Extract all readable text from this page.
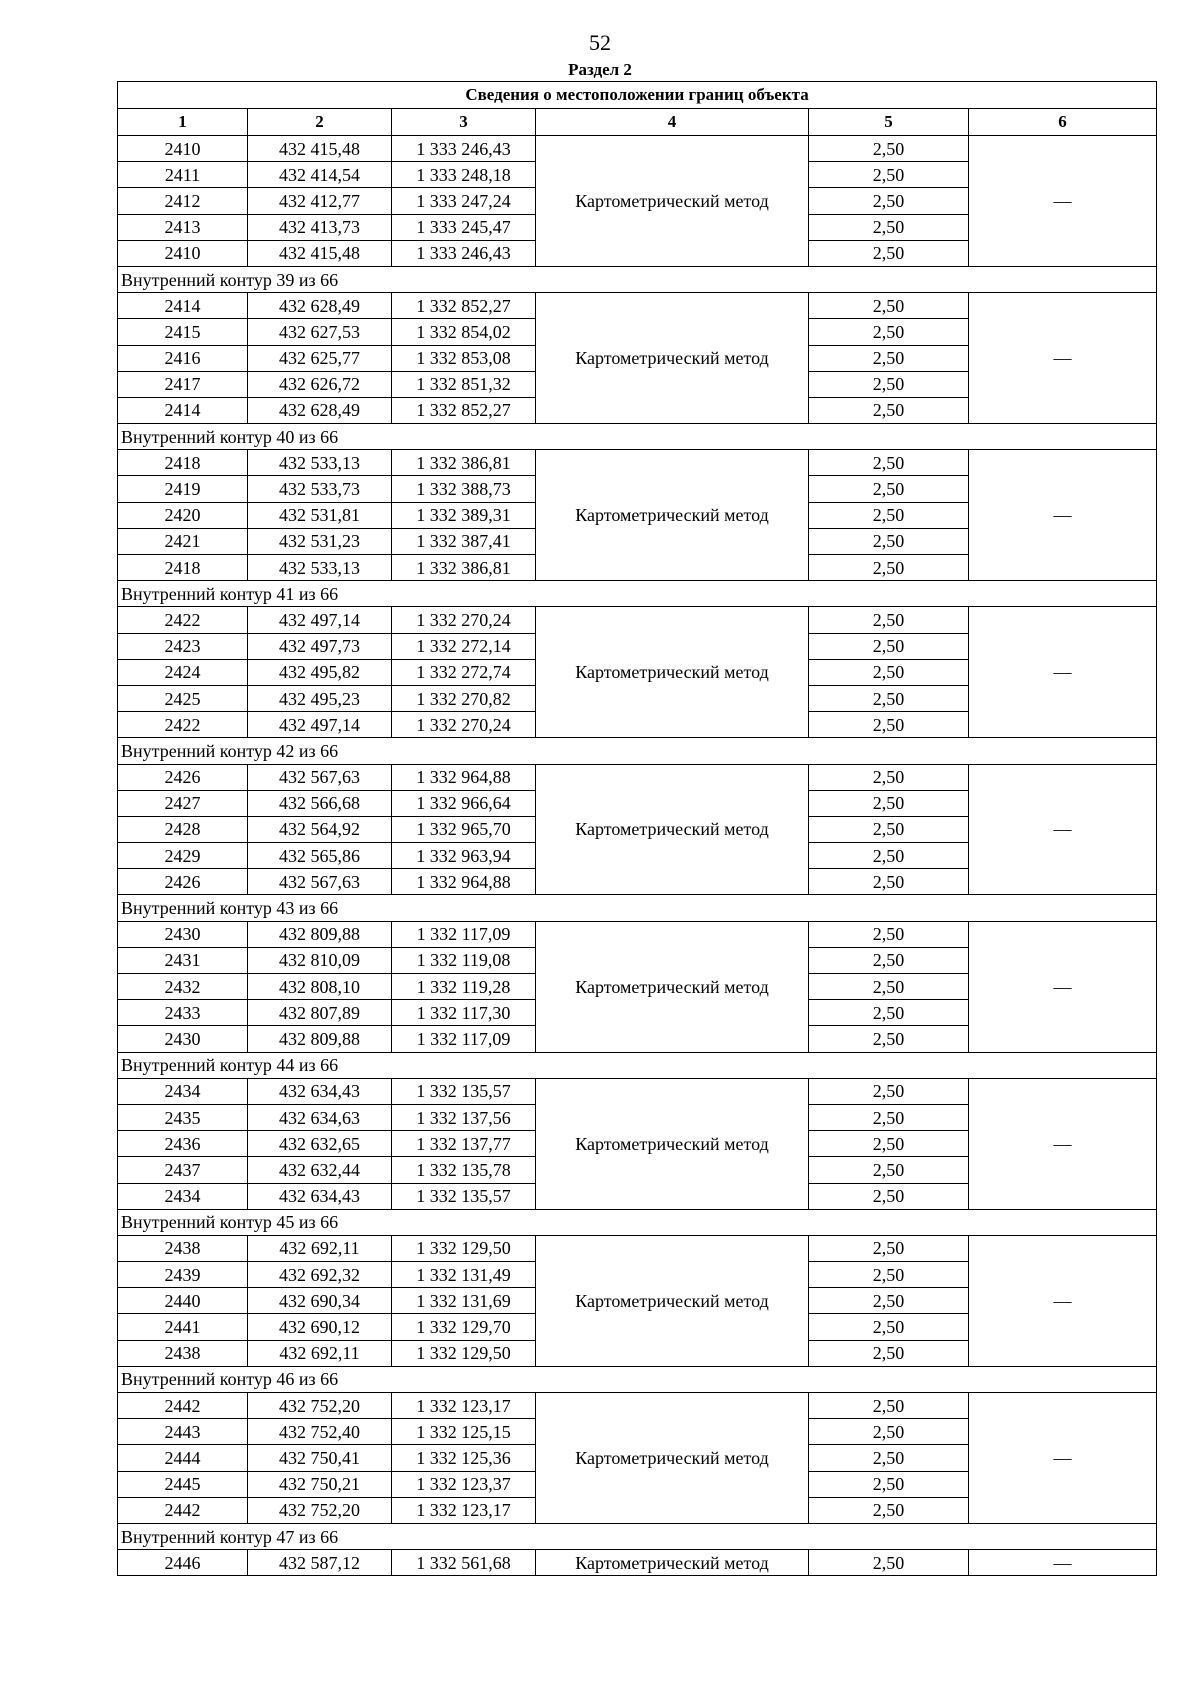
52
Раздел 2
Сведения о местоположении границ объекта					
1	2	3	4	5	6
2410	432 415,48	1 333 246,43	Картометрический метод	2,50	—
2411	432 414,54	1 333 248,18		2,50	
2412	432 412,77	1 333 247,24		2,50	
2413	432 413,73	1 333 245,47		2,50	
2410	432 415,48	1 333 246,43		2,50	
Внутренний контур 39 из 66					
2414	432 628,49	1 332 852,27	Картометрический метод	2,50	—
2415	432 627,53	1 332 854,02		2,50	
2416	432 625,77	1 332 853,08		2,50	
2417	432 626,72	1 332 851,32		2,50	
2414	432 628,49	1 332 852,27		2,50	
Внутренний контур 40 из 66					
2418	432 533,13	1 332 386,81	Картометрический метод	2,50	—
2419	432 533,73	1 332 388,73		2,50	
2420	432 531,81	1 332 389,31		2,50	
2421	432 531,23	1 332 387,41		2,50	
2418	432 533,13	1 332 386,81		2,50	
Внутренний контур 41 из 66					
2422	432 497,14	1 332 270,24	Картометрический метод	2,50	—
2423	432 497,73	1 332 272,14		2,50	
2424	432 495,82	1 332 272,74		2,50	
2425	432 495,23	1 332 270,82		2,50	
2422	432 497,14	1 332 270,24		2,50	
Внутренний контур 42 из 66					
2426	432 567,63	1 332 964,88	Картометрический метод	2,50	—
2427	432 566,68	1 332 966,64		2,50	
2428	432 564,92	1 332 965,70		2,50	
2429	432 565,86	1 332 963,94		2,50	
2426	432 567,63	1 332 964,88		2,50	
Внутренний контур 43 из 66					
2430	432 809,88	1 332 117,09	Картометрический метод	2,50	—
2431	432 810,09	1 332 119,08		2,50	
2432	432 808,10	1 332 119,28		2,50	
2433	432 807,89	1 332 117,30		2,50	
2430	432 809,88	1 332 117,09		2,50	
Внутренний контур 44 из 66					
2434	432 634,43	1 332 135,57	Картометрический метод	2,50	—
2435	432 634,63	1 332 137,56		2,50	
2436	432 632,65	1 332 137,77		2,50	
2437	432 632,44	1 332 135,78		2,50	
2434	432 634,43	1 332 135,57		2,50	
Внутренний контур 45 из 66					
2438	432 692,11	1 332 129,50	Картометрический метод	2,50	—
2439	432 692,32	1 332 131,49		2,50	
2440	432 690,34	1 332 131,69		2,50	
2441	432 690,12	1 332 129,70		2,50	
2438	432 692,11	1 332 129,50		2,50	
Внутренний контур 46 из 66					
2442	432 752,20	1 332 123,17	Картометрический метод	2,50	—
2443	432 752,40	1 332 125,15		2,50	
2444	432 750,41	1 332 125,36		2,50	
2445	432 750,21	1 332 123,37		2,50	
2442	432 752,20	1 332 123,17		2,50	
Внутренний контур 47 из 66					
2446	432 587,12	1 332 561,68	Картометрический метод	2,50	—
